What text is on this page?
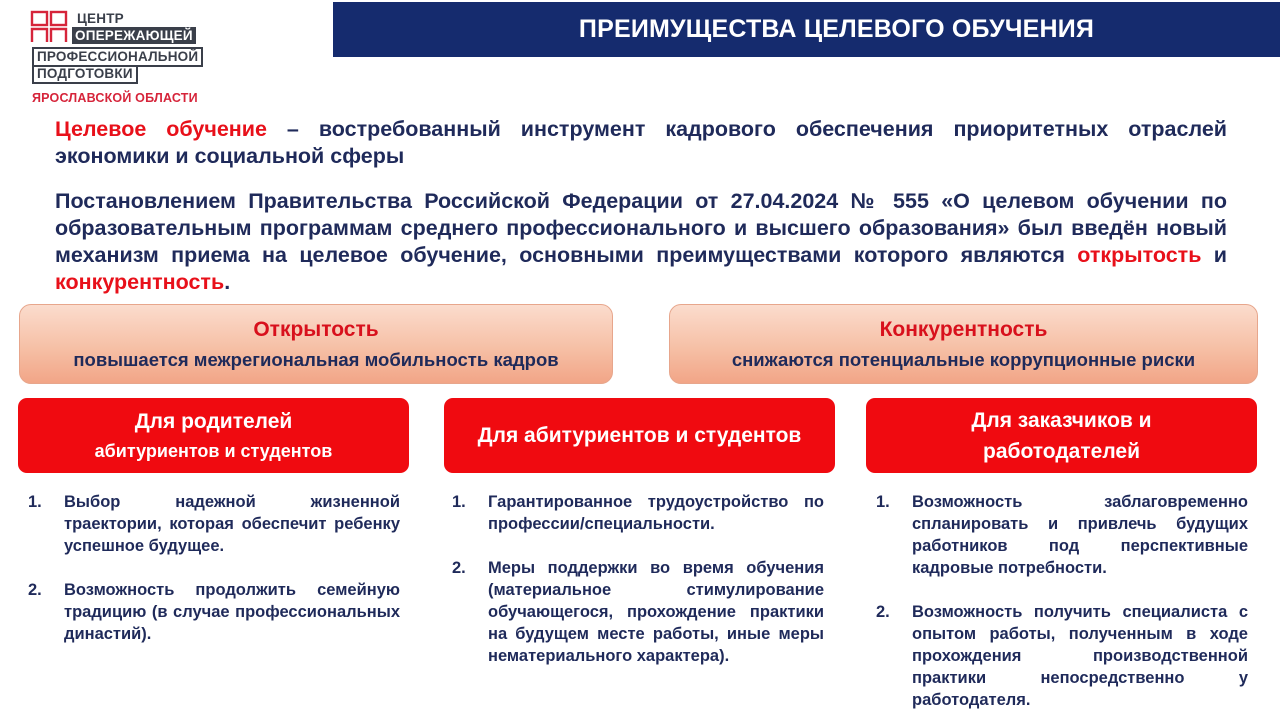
ЦЕНТР
ОПЕРЕЖАЮЩЕЙ
ПРОФЕССИОНАЛЬНОЙ
ПОДГОТОВКИ
ЯРОСЛАВСКОЙ ОБЛАСТИ
ПРЕИМУЩЕСТВА ЦЕЛЕВОГО ОБУЧЕНИЯ
Целевое обучение – востребованный инструмент кадрового обеспечения приоритетных отраслей экономики и социальной сферы
Постановлением Правительства Российской Федерации от 27.04.2024 № 555 «О целевом обучении по образовательным программам среднего профессионального и высшего образования» был введён новый механизм приема на целевое обучение, основными преимуществами которого являются открытость и конкурентность.
Открытость
повышается межрегиональная мобильность кадров
Конкурентность
снижаются потенциальные коррупционные риски
Для родителей
абитуриентов и студентов
Для абитуриентов и студентов
Для заказчиков и
работодателей
1.	Выбор надежной жизненной траектории, которая обеспечит ребенку успешное будущее.
2.	Возможность продолжить семейную традицию (в случае профессиональных династий).
1.	Гарантированное трудоустройство по профессии/специальности.
2.	Меры поддержки во время обучения (материальное стимулирование обучающегося, прохождение практики на будущем месте работы, иные меры нематериального характера).
1.	Возможность заблаговременно спланировать и привлечь будущих работников под перспективные кадровые потребности.
2.	Возможность получить специалиста с опытом работы, полученным в ходе прохождения производственной практики непосредственно у работодателя.
